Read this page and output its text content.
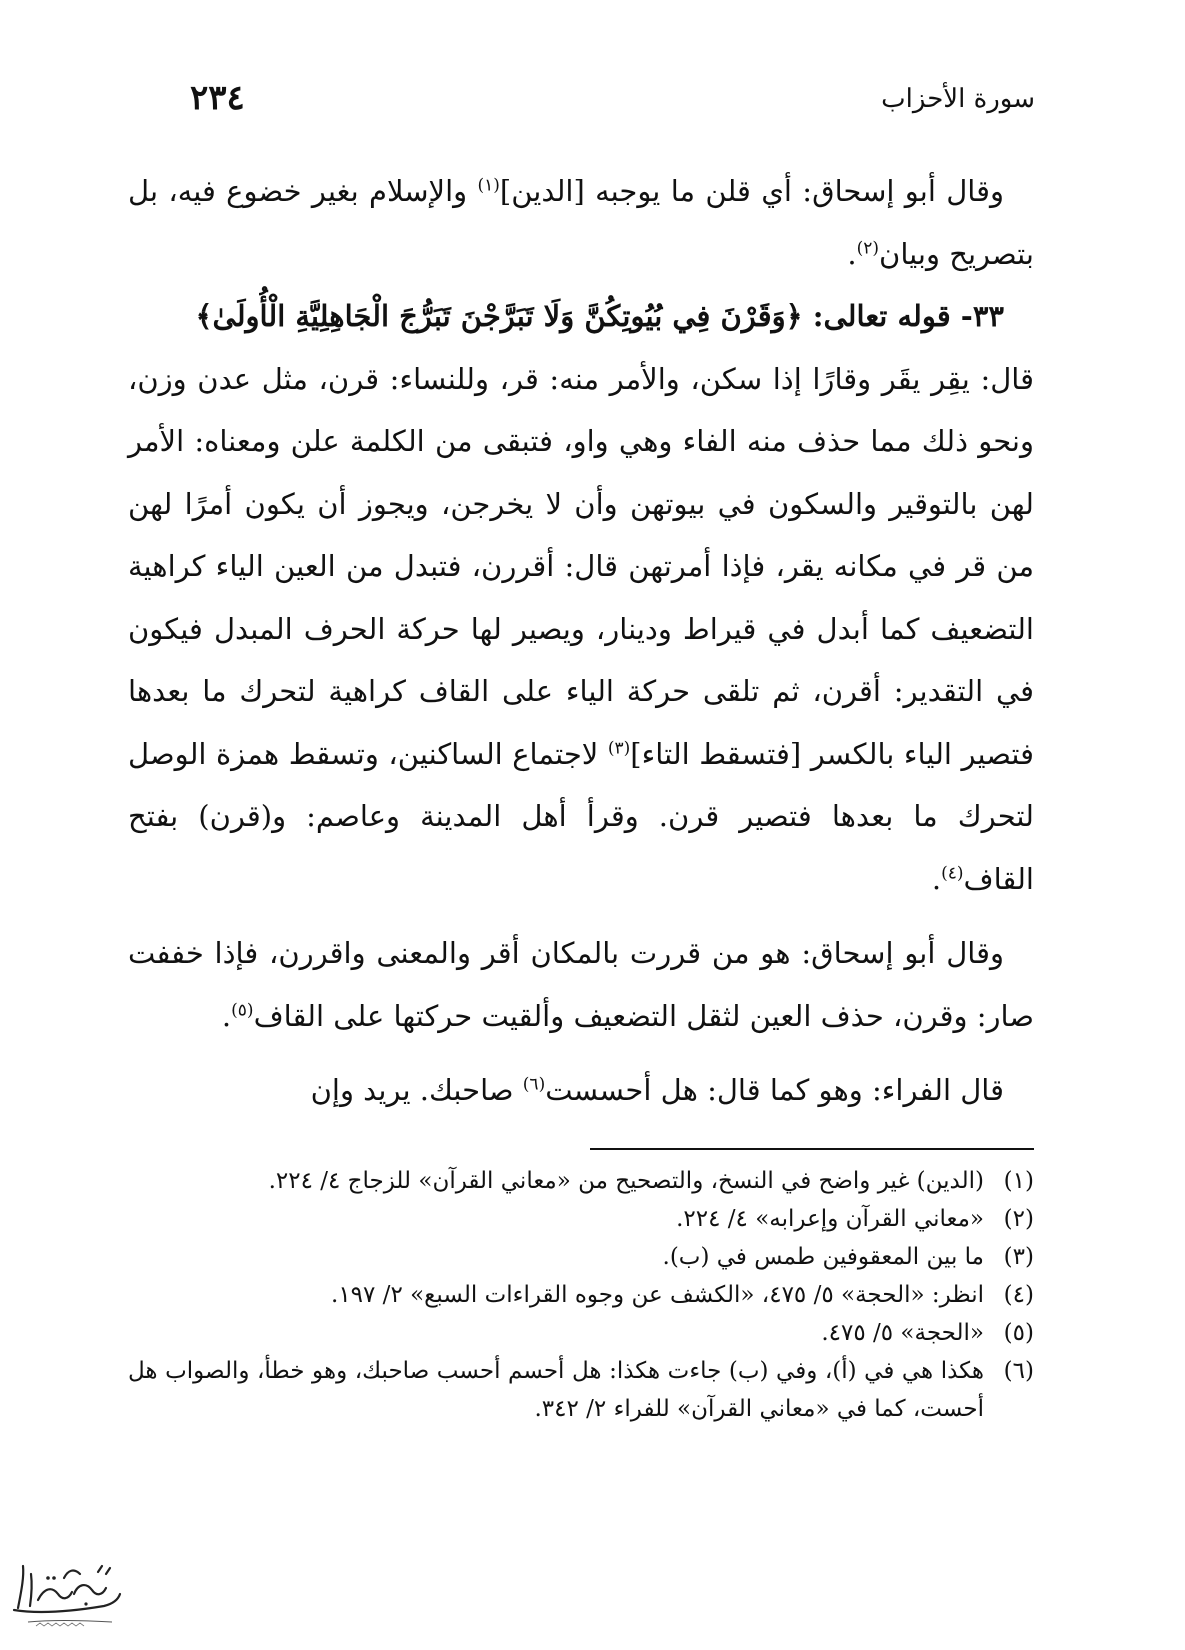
سورة الأحزاب
٢٣٤

وقال أبو إسحاق: أي قلن ما يوجبه [الدين]$^{(١)}$ والإسلام بغير خضوع فيه، بل بتصريح وبيان$^{(٢)}$.

٣٣- قوله تعالى: ﴿وَقَرْنَ فِي بُيُوتِكُنَّ وَلَا تَبَرَّجْنَ تَبَرُّجَ الْجَاهِلِيَّةِ الْأُولَىٰ﴾

قال: يقِر يقَر وقارًا إذا سكن، والأمر منه: قر، وللنساء: قرن، مثل عدن وزن، ونحو ذلك مما حذف منه الفاء وهي واو، فتبقى من الكلمة علن ومعناه: الأمر لهن بالتوقير والسكون في بيوتهن وأن لا يخرجن، ويجوز أن يكون أمرًا لهن من قر في مكانه يقر، فإذا أمرتهن قال: أقررن، فتبدل من العين الياء كراهية التضعيف كما أبدل في قيراط ودينار، ويصير لها حركة الحرف المبدل فيكون في التقدير: أقرن، ثم تلقى حركة الياء على القاف كراهية لتحرك ما بعدها فتصير الياء بالكسر [فتسقط التاء]$^{(٣)}$ لاجتماع الساكنين، وتسقط همزة الوصل لتحرك ما بعدها فتصير قرن. وقرأ أهل المدينة وعاصم: و(قرن) بفتح القاف$^{(٤)}$.

وقال أبو إسحاق: هو من قررت بالمكان أقر والمعنى واقررن، فإذا خففت صار: وقرن، حذف العين لثقل التضعيف وألقيت حركتها على القاف$^{(٥)}$.

قال الفراء: وهو كما قال: هل أحسست$^{(٦)}$ صاحبك. يريد وإن

(١)
(الدين) غير واضح في النسخ، والتصحيح من «معاني القرآن» للزجاج ٤/ ٢٢٤.
(٢)
«معاني القرآن وإعرابه» ٤/ ٢٢٤.
(٣)
ما بين المعقوفين طمس في (ب).
(٤)
انظر: «الحجة» ٥/ ٤٧٥، «الكشف عن وجوه القراءات السبع» ٢/ ١٩٧.
(٥)
«الحجة» ٥/ ٤٧٥.
(٦)
هكذا هي في (أ)، وفي (ب) جاءت هكذا: هل أحسم أحسب صاحبك، وهو خطأ، والصواب هل أحست، كما في «معاني القرآن» للفراء ٢/ ٣٤٢.
